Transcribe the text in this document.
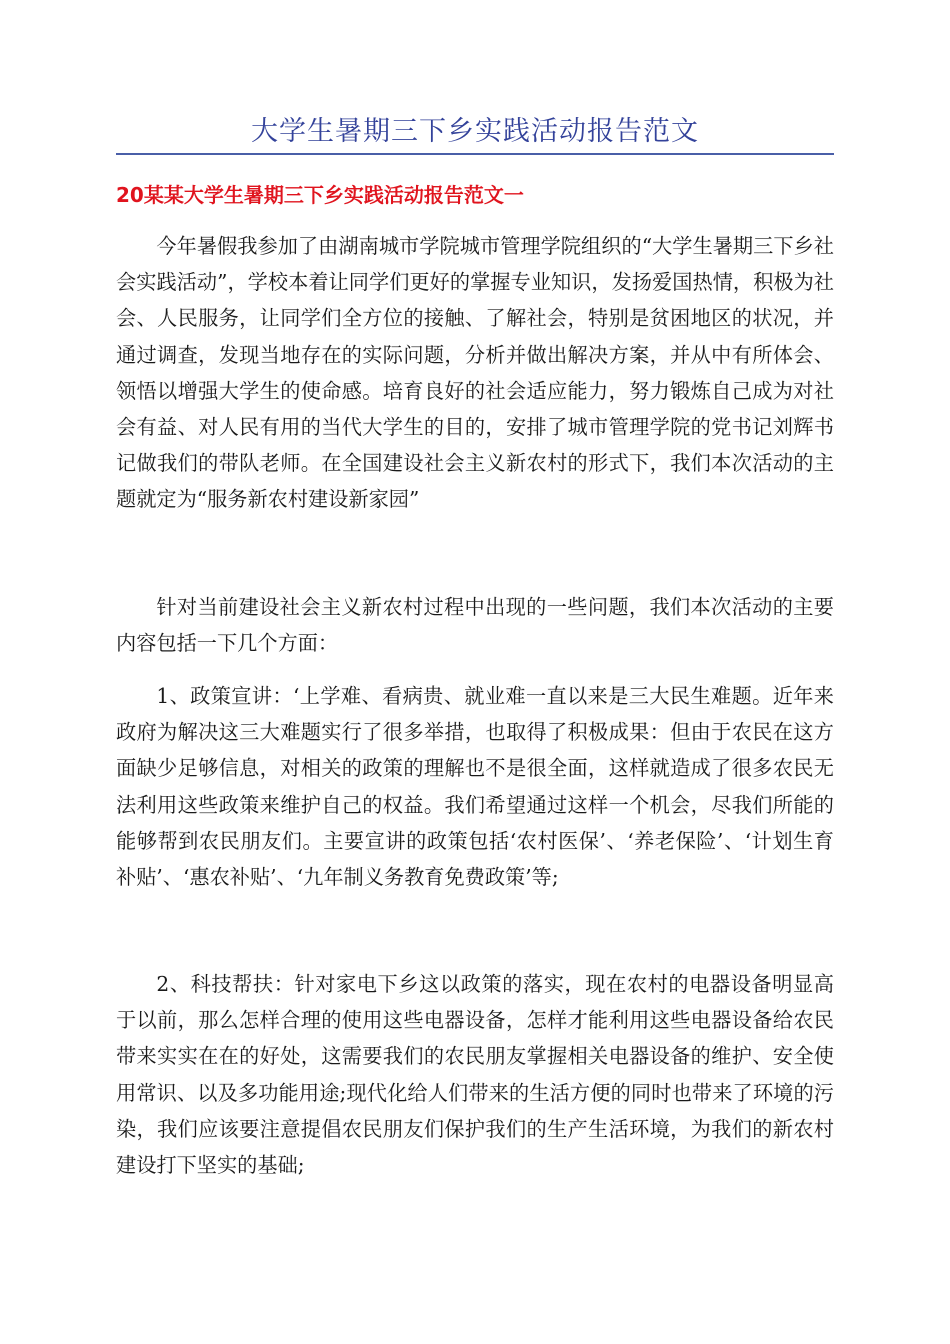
大学生暑期三下乡实践活动报告范文
20某某大学生暑期三下乡实践活动报告范文一

今年暑假我参加了由湖南城市学院城市管理学院组织的“大学生暑期三下乡社会实践活动”，学校本着让同学们更好的掌握专业知识，发扬爱国热情，积极为社会、人民服务，让同学们全方位的接触、了解社会，特别是贫困地区的状况，并通过调查，发现当地存在的实际问题，分析并做出解决方案，并从中有所体会、领悟以增强大学生的使命感。培育良好的社会适应能力，努力锻炼自己成为对社会有益、对人民有用的当代大学生的目的，安排了城市管理学院的党书记刘辉书记做我们的带队老师。在全国建设社会主义新农村的形式下，我们本次活动的主题就定为“服务新农村建设新家园”

针对当前建设社会主义新农村过程中出现的一些问题，我们本次活动的主要内容包括一下几个方面：

1、政策宣讲：‘上学难、看病贵、就业难一直以来是三大民生难题。近年来政府为解决这三大难题实行了很多举措，也取得了积极成果：但由于农民在这方面缺少足够信息，对相关的政策的理解也不是很全面，这样就造成了很多农民无法利用这些政策来维护自己的权益。我们希望通过这样一个机会，尽我们所能的能够帮到农民朋友们。主要宣讲的政策包括‘农村医保’、‘养老保险’、‘计划生育补贴’、‘惠农补贴’、‘九年制义务教育免费政策’等;

2、科技帮扶：针对家电下乡这以政策的落实，现在农村的电器设备明显高于以前，那么怎样合理的使用这些电器设备，怎样才能利用这些电器设备给农民带来实实在在的好处，这需要我们的农民朋友掌握相关电器设备的维护、安全使用常识、以及多功能用途;现代化给人们带来的生活方便的同时也带来了环境的污染，我们应该要注意提倡农民朋友们保护我们的生产生活环境，为我们的新农村建设打下坚实的基础;
